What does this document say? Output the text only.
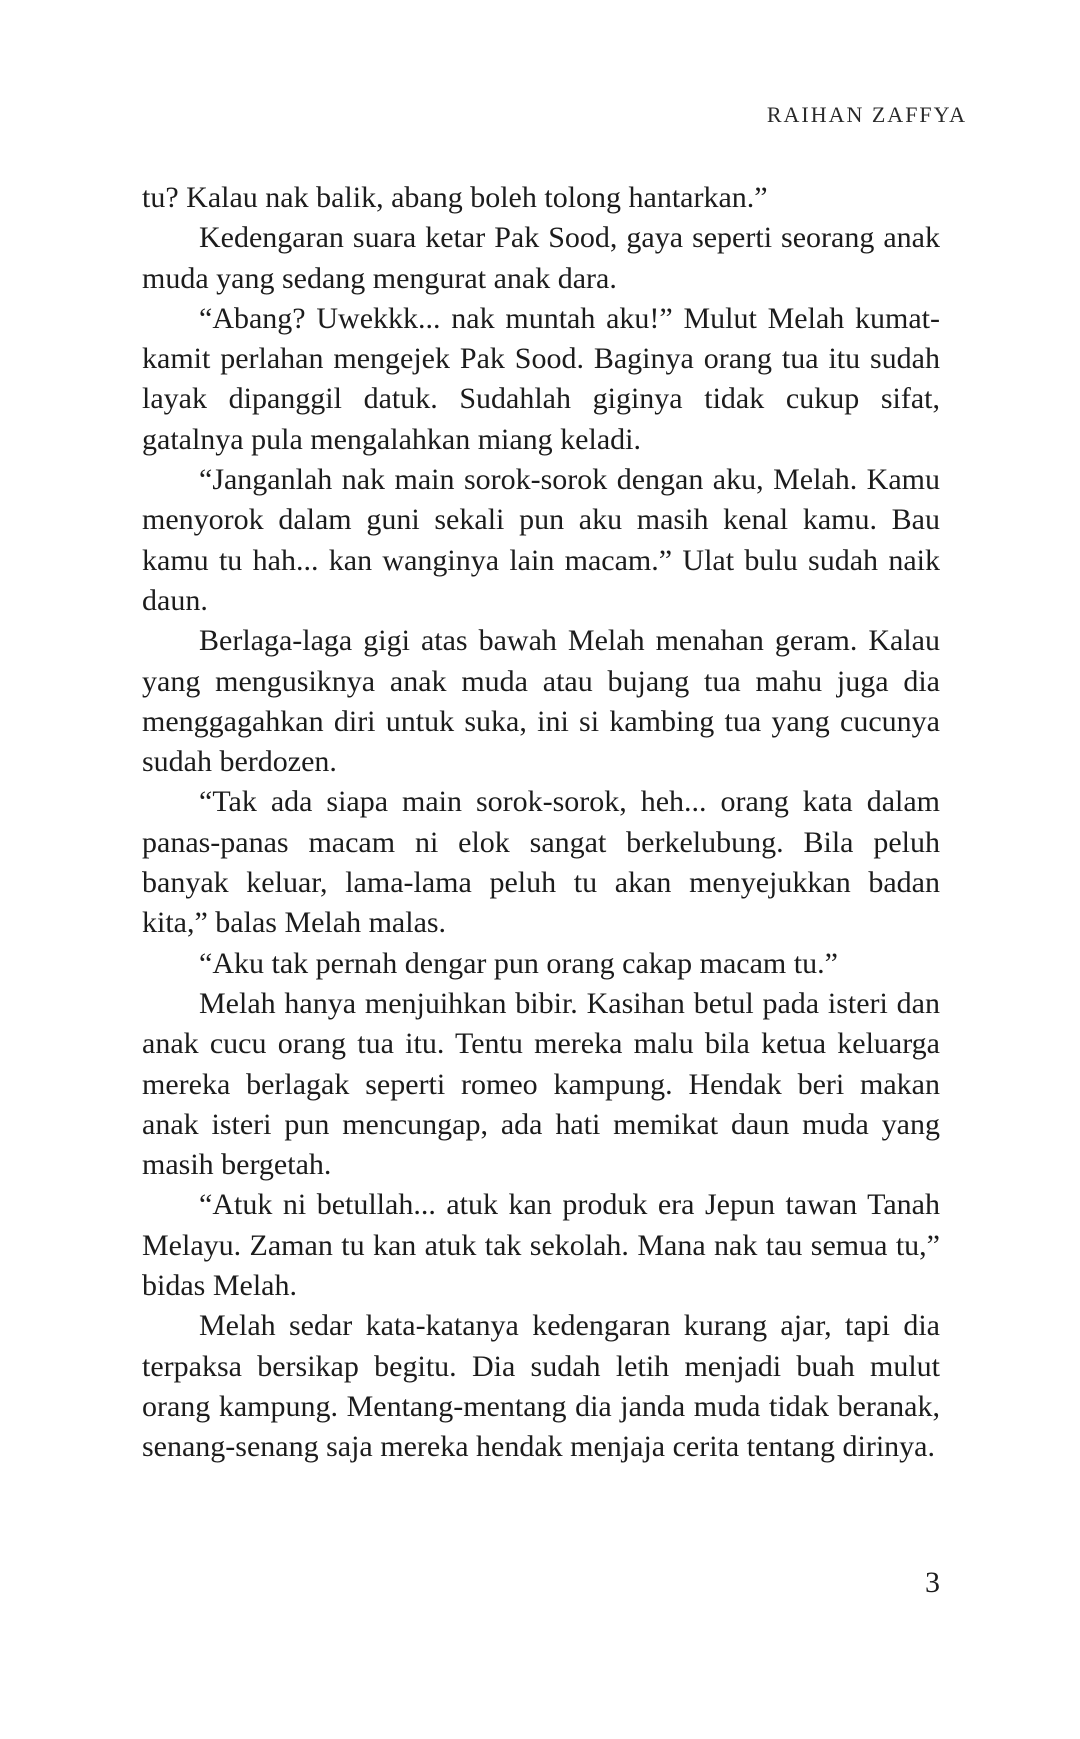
RAIHAN ZAFFYA

tu? Kalau nak balik, abang boleh tolong hantarkan.”

Kedengaran suara ketar Pak Sood, gaya seperti seorang anak muda yang sedang mengurat anak dara.

“Abang? Uwekkk... nak muntah aku!” Mulut Melah kumat-kamit perlahan mengejek Pak Sood. Baginya orang tua itu sudah layak dipanggil datuk. Sudahlah giginya tidak cukup sifat, gatalnya pula mengalahkan miang keladi.

“Janganlah nak main sorok-sorok dengan aku, Melah. Kamu menyorok dalam guni sekali pun aku masih kenal kamu. Bau kamu tu hah... kan wanginya lain macam.” Ulat bulu sudah naik daun.

Berlaga-laga gigi atas bawah Melah menahan geram. Kalau yang mengusiknya anak muda atau bujang tua mahu juga dia menggagahkan diri untuk suka, ini si kambing tua yang cucunya sudah berdozen.

“Tak ada siapa main sorok-sorok, heh... orang kata dalam panas-panas macam ni elok sangat berkelubung. Bila peluh banyak keluar, lama-lama peluh tu akan menyejukkan badan kita,” balas Melah malas.

“Aku tak pernah dengar pun orang cakap macam tu.”

Melah hanya menjuihkan bibir. Kasihan betul pada isteri dan anak cucu orang tua itu. Tentu mereka malu bila ketua keluarga mereka berlagak seperti romeo kampung. Hendak beri makan anak isteri pun mencungap, ada hati memikat daun muda yang masih bergetah.

“Atuk ni betullah... atuk kan produk era Jepun tawan Tanah Melayu. Zaman tu kan atuk tak sekolah. Mana nak tau semua tu,” bidas Melah.

Melah sedar kata-katanya kedengaran kurang ajar, tapi dia terpaksa bersikap begitu. Dia sudah letih menjadi buah mulut orang kampung. Mentang-mentang dia janda muda tidak beranak, senang-senang saja mereka hendak menjaja cerita tentang dirinya.

3
